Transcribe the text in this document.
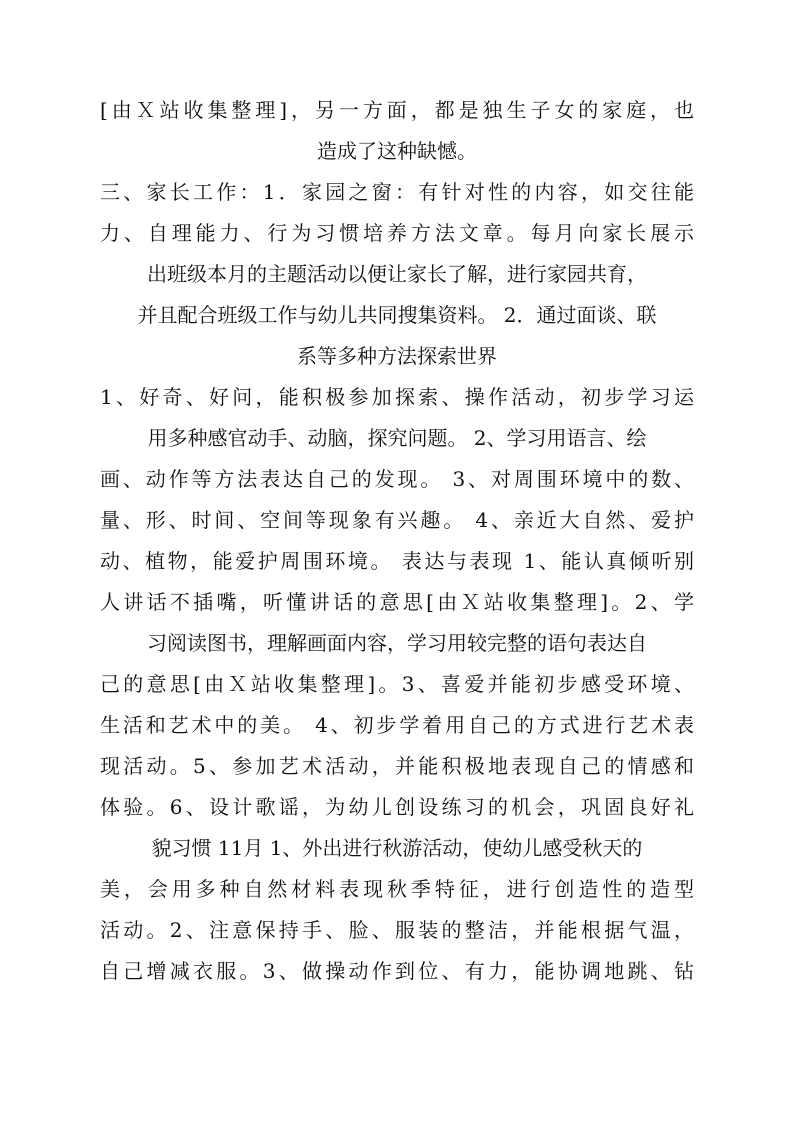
[由Ｘ站收集整理]，另一方面，都是独生子女的家庭，也
造成了这种缺憾。
三、家长工作：1．家园之窗：有针对性的内容，如交往能
力、自理能力、行为习惯培养方法文章。每月向家长展示
出班级本月的主题活动以便让家长了解，进行家园共育，
并且配合班级工作与幼儿共同搜集资料。 2．通过面谈、联
系等多种方法探索世界
1、好奇、好问，能积极参加探索、操作活动，初步学习运
用多种感官动手、动脑，探究问题。 2、学习用语言、绘
画、动作等方法表达自己的发现。 3、对周围环境中的数、
量、形、时间、空间等现象有兴趣。 4、亲近大自然、爱护
动、植物，能爱护周围环境。 表达与表现 1、能认真倾听别
人讲话不插嘴，听懂讲话的意思[由Ｘ站收集整理]。2、学
习阅读图书，理解画面内容，学习用较完整的语句表达自
己的意思[由Ｘ站收集整理]。3、喜爱并能初步感受环境、
生活和艺术中的美。 4、初步学着用自己的方式进行艺术表
现活动。5、参加艺术活动，并能积极地表现自己的情感和
体验。6、设计歌谣，为幼儿创设练习的机会，巩固良好礼
貌习惯 11月 1、外出进行秋游活动，使幼儿感受秋天的
美，会用多种自然材料表现秋季特征，进行创造性的造型
活动。2、注意保持手、脸、服装的整洁，并能根据气温，
自己增减衣服。3、做操动作到位、有力，能协调地跳、钻
